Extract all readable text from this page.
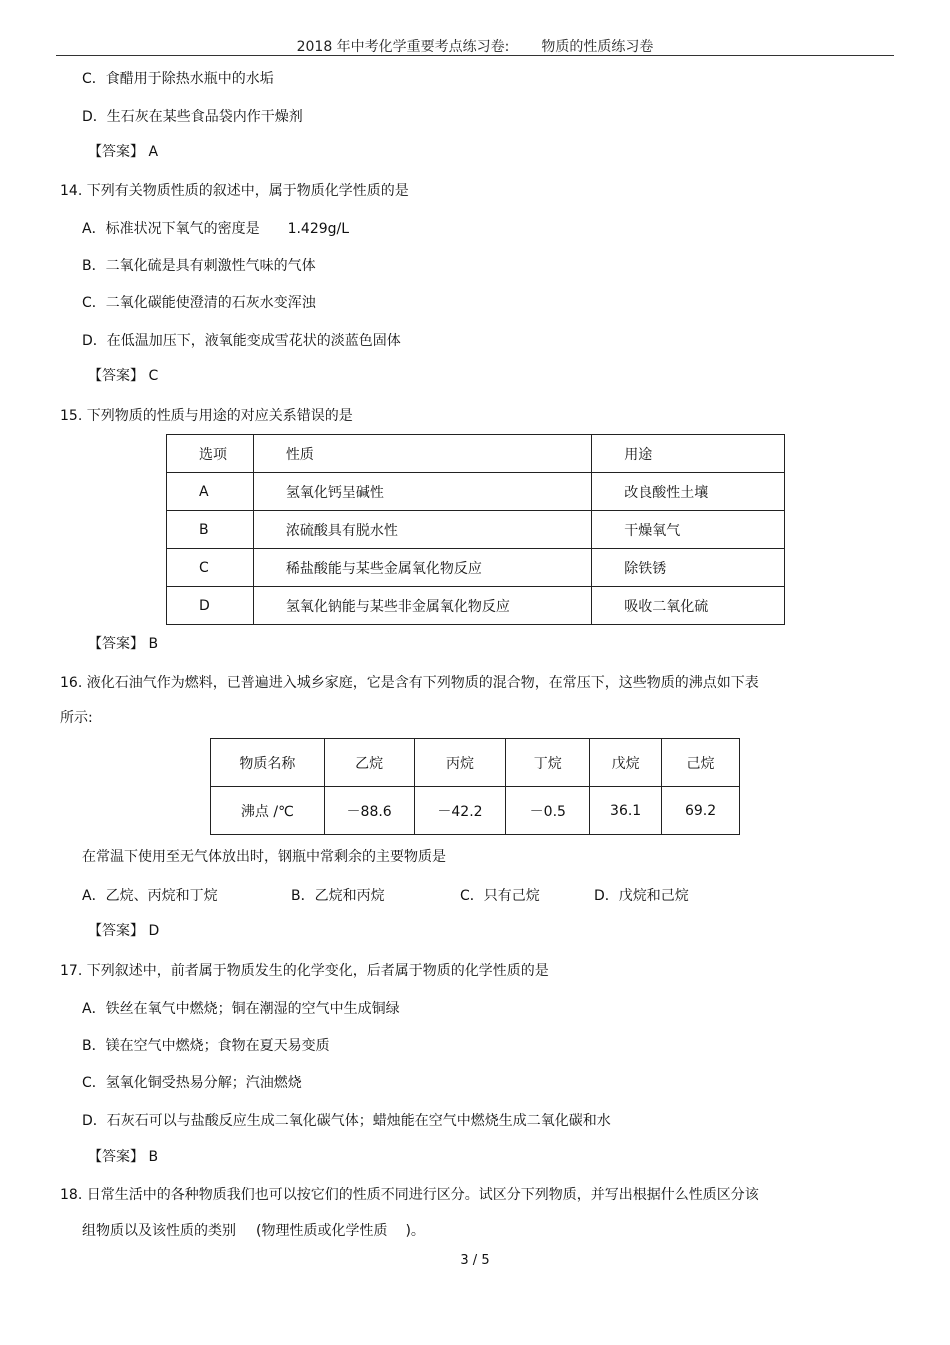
2018 年中考化学重要考点练习卷: 物质的性质练习卷
C．食醋用于除热水瓶中的水垢
D．生石灰在某些食品袋内作干燥剂
【答案】 A
14. 下列有关物质性质的叙述中，属于物质化学性质的是
A．标准状况下氧气的密度是 1.429g/L
B．二氧化硫是具有刺激性气味的气体
C．二氧化碳能使澄清的石灰水变浑浊
D．在低温加压下，液氧能变成雪花状的淡蓝色固体
【答案】 C
15. 下列物质的性质与用途的对应关系错误的是
选项	性质	用途
A	氢氧化钙呈碱性	改良酸性土壤
B	浓硫酸具有脱水性	干燥氧气
C	稀盐酸能与某些金属氧化物反应	除铁锈
D	氢氧化钠能与某些非金属氧化物反应	吸收二氧化硫
【答案】 B
16. 液化石油气作为燃料，已普遍进入城乡家庭，它是含有下列物质的混合物，在常压下，这些物质的沸点如下表
所示:
物质名称	乙烷	丙烷	丁烷	戊烷	己烷
沸点 /℃	－88.6	－42.2	－0.5	36.1	69.2
在常温下使用至无气体放出时，钢瓶中常剩余的主要物质是
A．乙烷、丙烷和丁烷	B．乙烷和丙烷	C．只有己烷	D．戊烷和己烷
【答案】 D
17. 下列叙述中，前者属于物质发生的化学变化，后者属于物质的化学性质的是
A．铁丝在氧气中燃烧；铜在潮湿的空气中生成铜绿
B．镁在空气中燃烧；食物在夏天易变质
C．氢氧化铜受热易分解；汽油燃烧
D．石灰石可以与盐酸反应生成二氧化碳气体；蜡烛能在空气中燃烧生成二氧化碳和水
【答案】 B
18. 日常生活中的各种物质我们也可以按它们的性质不同进行区分。试区分下列物质，并写出根据什么性质区分该
组物质以及该性质的类别 (物理性质或化学性质 )。
3 / 5
